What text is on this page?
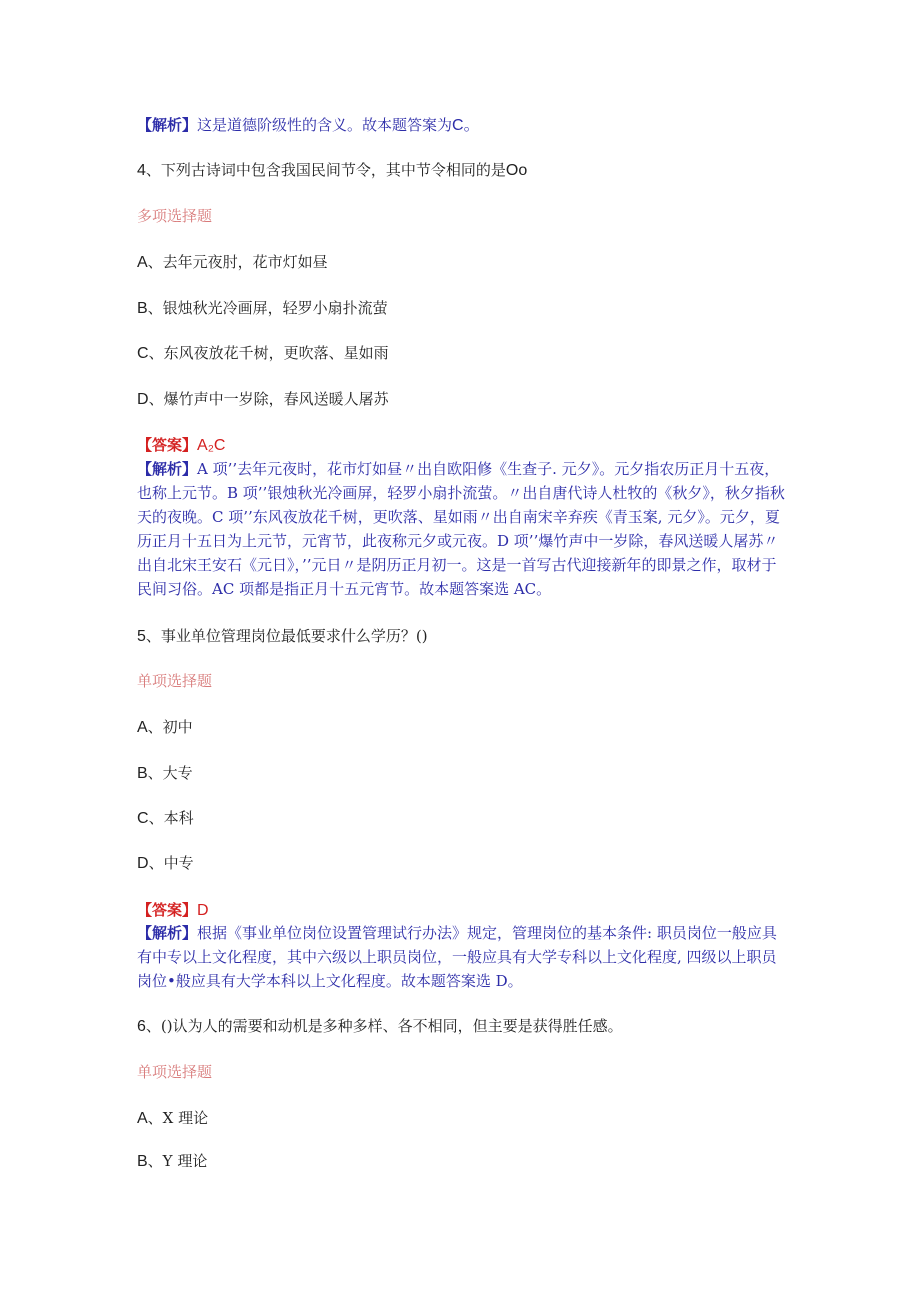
【解析】这是道德阶级性的含义。故本题答案为C。
4、下列古诗词中包含我国民间节令，其中节令相同的是Oo
多项选择题
A、去年元夜肘，花市灯如昼
B、银烛秋光冷画屏，轻罗小扇扑流萤
C、东风夜放花千树，更吹落、星如雨
D、爆竹声中一岁除，春风送暖人屠苏
【答案】A₂C
【解析】A 项’’去年元夜时，花市灯如昼〃出自欧阳修《生查子. 元夕》。元夕指农历正月十五夜，也称上元节。B 项’’银烛秋光冷画屏，轻罗小扇扑流萤。〃出自唐代诗人杜牧的《秋夕》，秋夕指秋天的夜晚。C 项’’东风夜放花千树，更吹落、星如雨〃出自南宋辛弃疾《青玉案, 元夕》。元夕，夏历正月十五日为上元节，元宵节，此夜称元夕或元夜。D 项’’爆竹声中一岁除，春风送暖人屠苏〃出自北宋王安石《元日》，’’元日〃是阴历正月初一。这是一首写古代迎接新年的即景之作，取材于民间习俗。AC 项都是指正月十五元宵节。故本题答案选 AC。
5、事业单位管理岗位最低要求什么学历？()
单项选择题
A、初中
B、大专
C、本科
D、中专
【答案】D
【解析】根据《事业单位岗位设置管理试行办法》规定，管理岗位的基本条件: 职员岗位一般应具有中专以上文化程度，其中六级以上职员岗位，一般应具有大学专科以上文化程度, 四级以上职员岗位•般应具有大学本科以上文化程度。故本题答案选 D。
6、()认为人的需要和动机是多种多样、各不相同，但主要是获得胜任感。
单项选择题
A、X 理论
B、Y 理论
